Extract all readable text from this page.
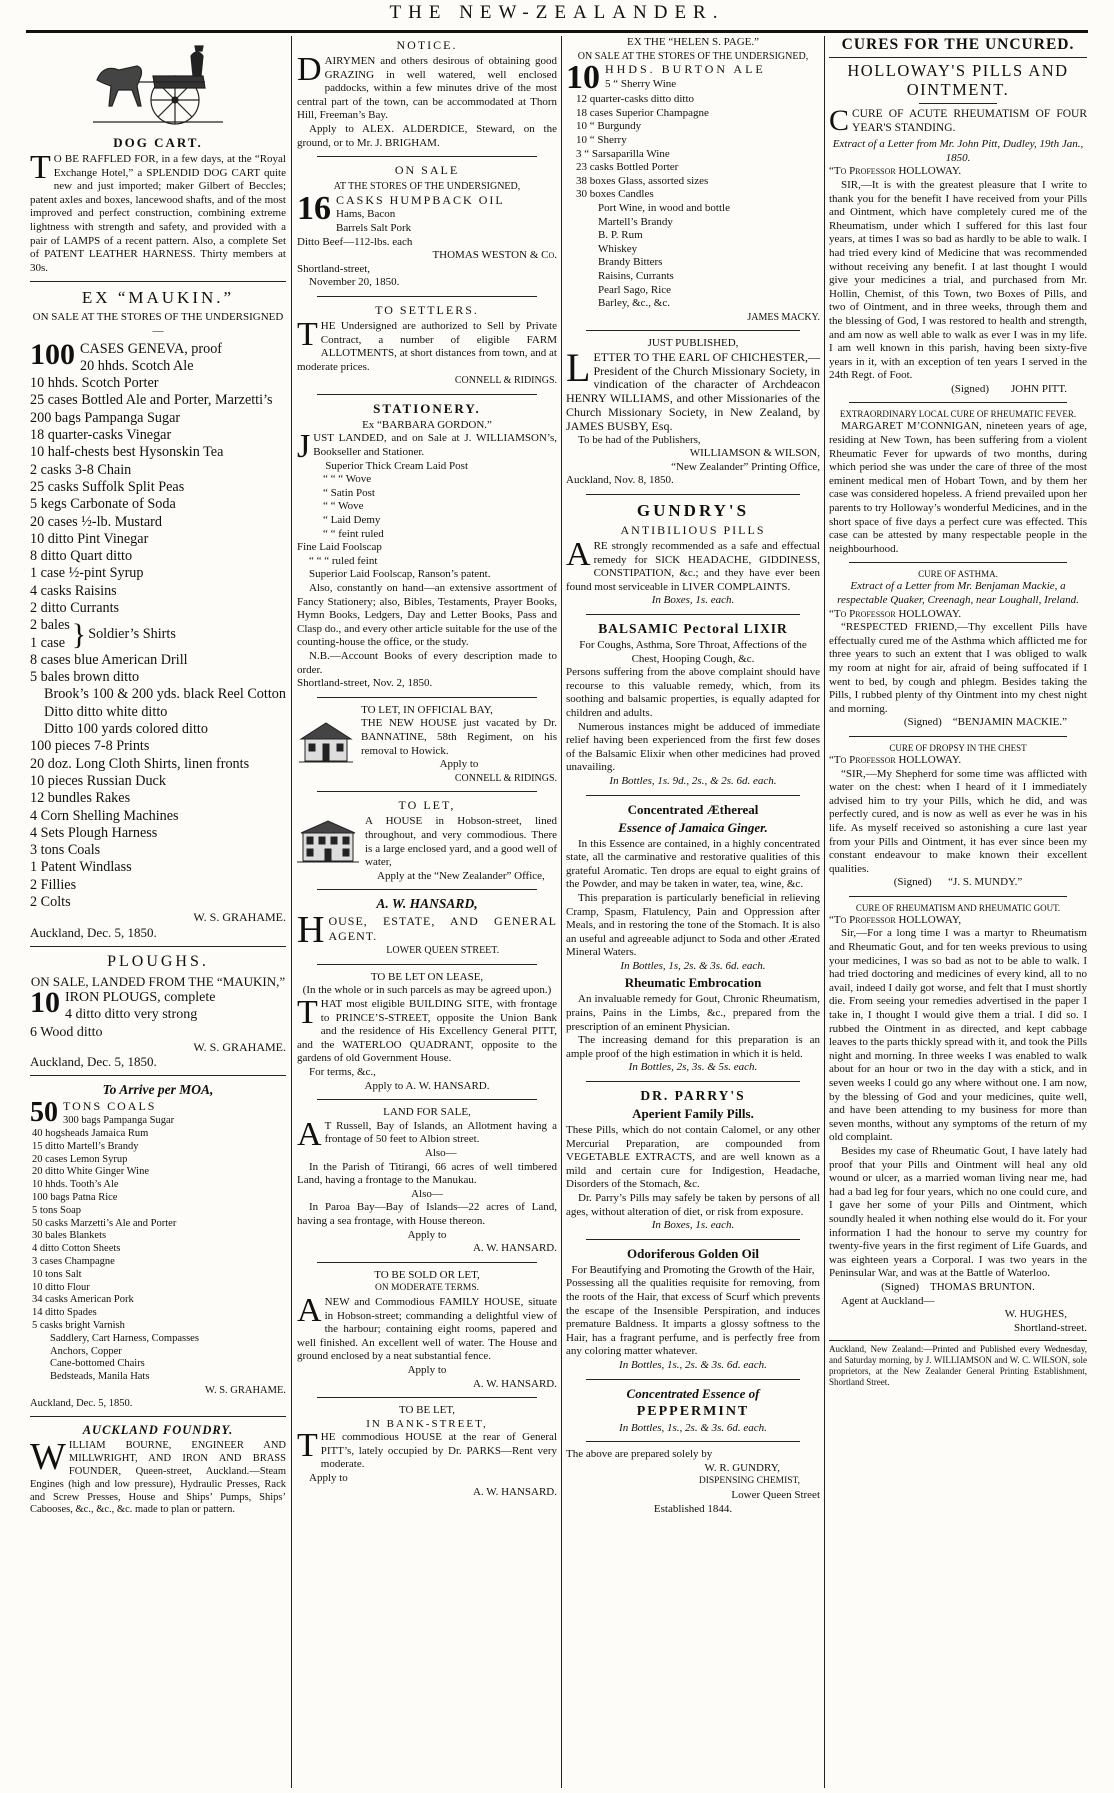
THE NEW-ZEALANDER.
DOG CART.

T O BE RAFFLED FOR, in a few days, at the “Royal Exchange Hotel,” a SPLENDID DOG CART quite new and just imported; maker Gilbert of Beccles; patent axles and boxes, lancewood shafts, and of the most improved and perfect construction, combining extreme lightness with strength and safety, and provided with a pair of LAMPS of a recent pattern. Also, a complete Set of PATENT LEATHER HARNESS. Thirty members at 30s.

EX “MAUKIN.”

ON SALE AT THE STORES OF THE UNDERSIGNED—

100 CASES GENEVA, proof
20 hhds. Scotch Ale

10 hhds. Scotch Porter

25 cases Bottled Ale and Porter, Marzetti’s

200 bags Pampanga Sugar

18 quarter-casks Vinegar

10 half-chests best Hysonskin Tea

2 casks 3-8 Chain

25 casks Suffolk Split Peas

5 kegs Carbonate of Soda

20 cases ½-lb. Mustard

10 ditto Pint Vinegar

8 ditto Quart ditto

1 case ½-pint Syrup

4 casks Raisins

2 ditto Currants

2 bales

1 case } Soldier’s Shirts

8 cases blue American Drill

5 bales brown ditto

Brook’s 100 & 200 yds. black Reel Cotton

Ditto ditto white ditto

Ditto 100 yards colored ditto

100 pieces 7-8 Prints

20 doz. Long Cloth Shirts, linen fronts

10 pieces Russian Duck

12 bundles Rakes

4 Corn Shelling Machines

4 Sets Plough Harness

3 tons Coals

1 Patent Windlass

2 Fillies

2 Colts

W. S. GRAHAME.

Auckland, Dec. 5, 1850.

PLOUGHS.

ON SALE, LANDED FROM THE “MAUKIN,”

10 IRON PLOUGS, complete
4 ditto ditto very strong
6 Wood ditto

W. S. GRAHAME.

Auckland, Dec. 5, 1850.

To Arrive per MOA,

50 TONS COALS

300 bags Pampanga Sugar

40 hogsheads Jamaica Rum

15 ditto Martell’s Brandy

20 cases Lemon Syrup

20 ditto White Ginger Wine

10 hhds. Tooth’s Ale

100 bags Patna Rice

5 tons Soap

50 casks Marzetti’s Ale and Porter

30 bales Blankets

4 ditto Cotton Sheets

3 cases Champagne

10 tons Salt

10 ditto Flour

34 casks American Pork

14 ditto Spades

5 casks bright Varnish

Saddlery, Cart Harness, Compasses

Anchors, Copper

Cane-bottomed Chairs

Bedsteads, Manila Hats

W. S. GRAHAME.

Auckland, Dec. 5, 1850.

AUCKLAND FOUNDRY.

WILLIAM BOURNE, ENGINEER AND MILLWRIGHT, AND IRON AND BRASS FOUNDER, Queen-street, Auckland.—Steam Engines (high and low pressure), Hydraulic Presses, Rack and Screw Presses, House and Ships’ Pumps, Ships’ Cabooses, &c., &c., &c. made to plan or pattern.

NOTICE.

DAIRYMEN and others desirous of obtaining good GRAZING in well watered, well enclosed paddocks, within a few minutes drive of the most central part of the town, can be accommodated at Thorn Hill, Freeman’s Bay.

Apply to ALEX. ALDERDICE, Steward, on the ground, or to Mr. J. BRIGHAM.

ON SALE

AT THE STORES OF THE UNDERSIGNED,

16 CASKS HUMPBACK OIL

Hams, Bacon

Barrels Salt Pork

Ditto Beef—112-lbs. each

THOMAS WESTON & Co.

Shortland-street,

November 20, 1850.

TO SETTLERS.

THE Undersigned are authorized to Sell by Private Contract, a number of eligible FARM ALLOTMENTS, at short distances from town, and at moderate prices.

CONNELL & RIDINGS.

STATIONERY.

Ex “BARBARA GORDON.”

JUST LANDED, and on Sale at J. WILLIAMSON’s, Bookseller and Stationer.

Superior Thick Cream Laid Post

“ “ “ Wove

“ Satin Post

“ “ Wove

“ Laid Demy

“ “ feint ruled

Fine Laid Foolscap

“ “ “ ruled feint

Superior Laid Foolscap, Ranson’s patent.

Also, constantly on hand—an extensive assortment of Fancy Stationery; also, Bibles, Testaments, Prayer Books, Hymn Books, Ledgers, Day and Letter Books, Pass and Clasp do., and every other article suitable for the use of the counting-house the office, or the study.

N.B.—Account Books of every description made to order.

Shortland-street, Nov. 2, 1850.

TO LET, IN OFFICIAL BAY,

THE NEW HOUSE just vacated by Dr. BANNATINE, 58th Regiment, on his removal to Howick.

Apply to

CONNELL & RIDINGS.

TO LET,

A HOUSE in Hobson-street, lined throughout, and very commodious. There is a large enclosed yard, and a good well of water,

Apply at the “New Zealander” Office,

A. W. HANSARD,

HOUSE, ESTATE, AND GENERAL AGENT.

LOWER QUEEN STREET.

TO BE LET ON LEASE,

(In the whole or in such parcels as may be agreed upon.)

THAT most eligible BUILDING SITE, with frontage to PRINCE’S-STREET, opposite the Union Bank and the residence of His Excellency General PITT, and the WATERLOO QUADRANT, opposite to the gardens of old Government House.

For terms, &c.,

Apply to A. W. HANSARD.

LAND FOR SALE,

A T Russell, Bay of Islands, an Allotment having a frontage of 50 feet to Albion street.

Also—

In the Parish of Titirangi, 66 acres of well timbered Land, having a frontage to the Manukau.

Also—

In Paroa Bay—Bay of Islands—22 acres of Land, having a sea frontage, with House thereon.

Apply to

A. W. HANSARD.

TO BE SOLD OR LET,

ON MODERATE TERMS.

ANEW and Commodious FAMILY HOUSE, situate in Hobson-street; commanding a delightful view of the harbour; containing eight rooms, papered and well finished. An excellent well of water. The House and ground enclosed by a neat substantial fence.

Apply to

A. W. HANSARD.

TO BE LET,

IN BANK-STREET,

THE commodious HOUSE at the rear of General PITT’s, lately occupied by Dr. PARKS—Rent very moderate.

Apply to

A. W. HANSARD.

EX THE “HELEN S. PAGE.”

ON SALE AT THE STORES OF THE UNDERSIGNED,

10 HHDS. BURTON ALE

5 “ Sherry Wine

12 quarter-casks ditto ditto

18 cases Superior Champagne

10 “ Burgundy

10 “ Sherry

3 “ Sarsaparilla Wine

23 casks Bottled Porter

38 boxes Glass, assorted sizes

30 boxes Candles

Port Wine, in wood and bottle

Martell’s Brandy

B. P. Rum

Whiskey

Brandy Bitters

Raisins, Currants

Pearl Sago, Rice

Barley, &c., &c.

JAMES MACKY.

JUST PUBLISHED,

LETTER TO THE EARL OF CHICHESTER,—President of the Church Missionary Society, in vindication of the character of Archdeacon HENRY WILLIAMS, and other Missionaries of the Church Missionary Society, in New Zealand, by JAMES BUSBY, Esq.

To be had of the Publishers,

WILLIAMSON & WILSON,

“New Zealander” Printing Office,

Auckland, Nov. 8, 1850.

GUNDRY'S
ANTIBILIOUS PILLS

ARE strongly recommended as a safe and effectual remedy for SICK HEADACHE, GIDDINESS, CONSTIPATION, &c.; and they have ever been found most serviceable in LIVER COMPLAINTS.

In Boxes, 1s. each.

BALSAMIC Pectoral LIXIR

For Coughs, Asthma, Sore Throat, Affections of the Chest, Hooping Cough, &c.

Persons suffering from the above complaint should have recourse to this valuable remedy, which, from its soothing and balsamic properties, is equally adapted for children and adults.

Numerous instances might be adduced of immediate relief having been experienced from the first few doses of the Balsamic Elixir when other medicines had proved unavailing.

In Bottles, 1s. 9d., 2s., & 2s. 6d. each.

Concentrated Æthereal
Essence of Jamaica Ginger.

In this Essence are contained, in a highly concentrated state, all the carminative and restorative qualities of this grateful Aromatic. Ten drops are equal to eight grains of the Powder, and may be taken in water, tea, wine, &c.

This preparation is particularly beneficial in relieving Cramp, Spasm, Flatulency, Pain and Oppression after Meals, and in restoring the tone of the Stomach. It is also an useful and agreeable adjunct to Soda and other Ærated Mineral Waters.

In Bottles, 1s, 2s. & 3s. 6d. each.

Rheumatic Embrocation

An invaluable remedy for Gout, Chronic Rheumatism, prains, Pains in the Limbs, &c., prepared from the prescription of an eminent Physician.

The increasing demand for this preparation is an ample proof of the high estimation in which it is held.

In Bottles, 2s, 3s. & 5s. each.

DR. PARRY'S
Aperient Family Pills.

These Pills, which do not contain Calomel, or any other Mercurial Preparation, are compounded from VEGETABLE EXTRACTS, and are well known as a mild and certain cure for Indigestion, Headache, Disorders of the Stomach, &c.

Dr. Parry’s Pills may safely be taken by persons of all ages, without alteration of diet, or risk from exposure.

In Boxes, 1s. each.

Odoriferous Golden Oil

For Beautifying and Promoting the Growth of the Hair,

Possessing all the qualities requisite for removing, from the roots of the Hair, that excess of Scurf which prevents the escape of the Insensible Perspiration, and induces premature Baldness. It imparts a glossy softness to the Hair, has a fragrant perfume, and is perfectly free from any coloring matter whatever.

In Bottles, 1s., 2s. & 3s. 6d. each.

Concentrated Essence of
PEPPERMINT

In Bottles, 1s., 2s. & 3s. 6d. each.

The above are prepared solely by

W. R. GUNDRY,

DISPENSING CHEMIST,

Lower Queen Street

Established 1844.

CURES FOR THE UNCURED.
HOLLOWAY'S PILLS AND OINTMENT.

CCURE OF ACUTE RHEUMATISM OF FOUR YEAR'S STANDING.

Extract of a Letter from Mr. John Pitt, Dudley, 19th Jan., 1850.

“To Professor HOLLOWAY.

SIR,—It is with the greatest pleasure that I write to thank you for the benefit I have received from your Pills and Ointment, which have completely cured me of the Rheumatism, under which I suffered for this last four years, at times I was so bad as hardly to be able to walk. I had tried every kind of Medicine that was recommended without receiving any benefit. I at last thought I would give your medicines a trial, and purchased from Mr. Hollin, Chemist, of this Town, two Boxes of Pills, and two of Ointment, and in three weeks, through them and the blessing of God, I was restored to health and strength, and am now as well able to walk as ever I was in my life. I am well known in this parish, having been sixty-five years in it, with an exception of ten years I served in the 24th Regt. of Foot.

(Signed) JOHN PITT.

EXTRAORDINARY LOCAL CURE OF RHEUMATIC FEVER.

MARGARET M’CONNIGAN, nineteen years of age, residing at New Town, has been suffering from a violent Rheumatic Fever for upwards of two months, during which period she was under the care of three of the most eminent medical men of Hobart Town, and by them her case was considered hopeless. A friend prevailed upon her parents to try Holloway’s wonderful Medicines, and in the short space of five days a perfect cure was effected. This case can be attested by many respectable people in the neighbourhood.

CURE OF ASTHMA.

Extract of a Letter from Mr. Benjaman Mackie, a respectable Quaker, Creenagh, near Loughall, Ireland.

“To Professor HOLLOWAY.

“RESPECTED FRIEND,—Thy excellent Pills have effectually cured me of the Asthma which afflicted me for three years to such an extent that I was obliged to walk my room at night for air, afraid of being suffocated if I went to bed, by cough and phlegm. Besides taking the Pills, I rubbed plenty of thy Ointment into my chest night and morning.

(Signed) “BENJAMIN MACKIE.”

CURE OF DROPSY IN THE CHEST

“To Professor HOLLOWAY.

“SIR,—My Shepherd for some time was afflicted with water on the chest: when I heard of it I immediately advised him to try your Pills, which he did, and was perfectly cured, and is now as well as ever he was in his life. As myself received so astonishing a cure last year from your Pills and Ointment, it has ever since been my constant endeavour to make known their excellent qualities.

(Signed) “J. S. MUNDY.”

CURE OF RHEUMATISM AND RHEUMATIC GOUT.

“To Professor HOLLOWAY,

Sir,—For a long time I was a martyr to Rheumatism and Rheumatic Gout, and for ten weeks previous to using your medicines, I was so bad as not to be able to walk. I had tried doctoring and medicines of every kind, all to no avail, indeed I daily got worse, and felt that I must shortly die. From seeing your remedies advertised in the paper I take in, I thought I would give them a trial. I did so. I rubbed the Ointment in as directed, and kept cabbage leaves to the parts thickly spread with it, and took the Pills night and morning. In three weeks I was enabled to walk about for an hour or two in the day with a stick, and in seven weeks I could go any where without one. I am now, by the blessing of God and your medicines, quite well, and have been attending to my business for more than seven months, without any symptoms of the return of my old complaint.

Besides my case of Rheumatic Gout, I have lately had proof that your Pills and Ointment will heal any old wound or ulcer, as a married woman living near me, had had a bad leg for four years, which no one could cure, and I gave her some of your Pills and Ointment, which soundly healed it when nothing else would do it. For your information I had the honour to serve my country for twenty-five years in the first regiment of Life Guards, and was eighteen years a Corporal. I was two years in the Peninsular War, and was at the Battle of Waterloo.

(Signed) THOMAS BRUNTON.

Agent at Auckland—

W. HUGHES,

Shortland-street.

Auckland, New Zealand:—Printed and Published every Wednesday, and Saturday morning, by J. WILLIAMSON and W. C. WILSON, sole proprietors, at the New Zealander General Printing Establishment, Shortland Street.
